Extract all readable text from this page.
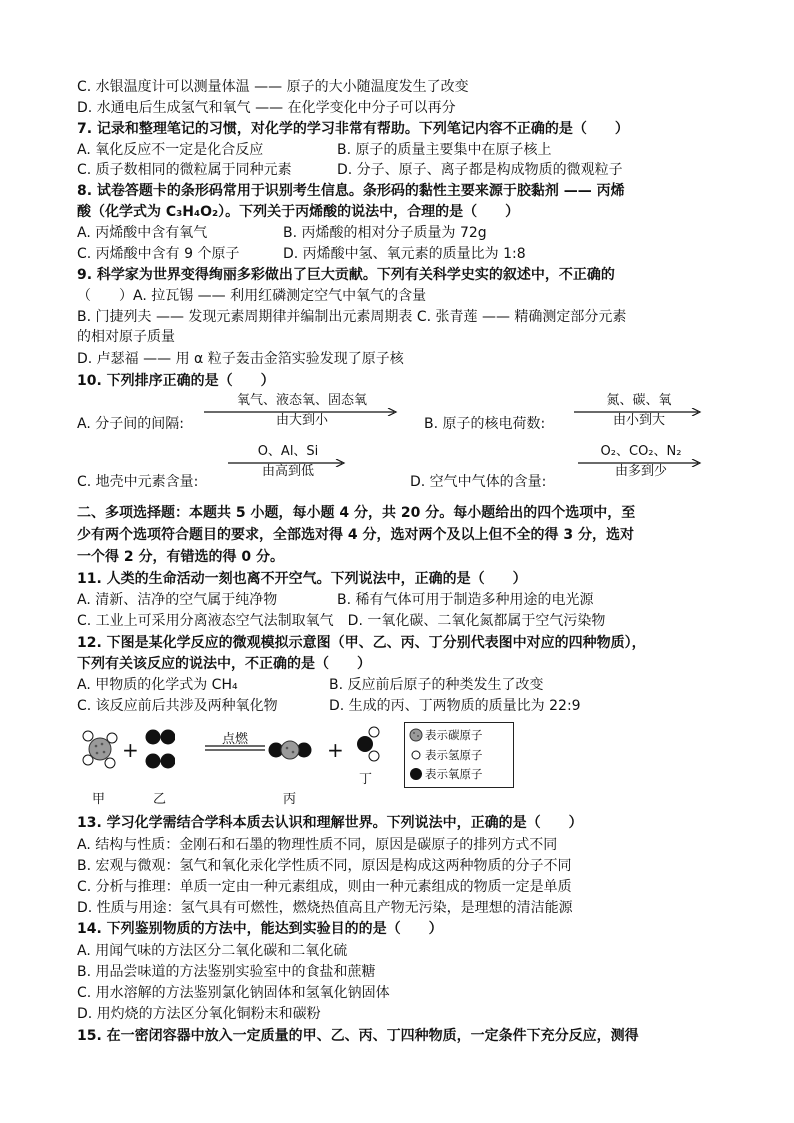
C. 水银温度计可以测量体温 —— 原子的大小随温度发生了改变
D. 水通电后生成氢气和氧气 —— 在化学变化中分子可以再分
7. 记录和整理笔记的习惯，对化学的学习非常有帮助。下列笔记内容不正确的是（　　）
A. 氧化反应不一定是化合反应	B. 原子的质量主要集中在原子核上
C. 质子数相同的微粒属于同种元素	D. 分子、原子、离子都是构成物质的微观粒子
8. 试卷答题卡的条形码常用于识别考生信息。条形码的黏性主要来源于胶黏剂 —— 丙烯
酸（化学式为 C₃H₄O₂）。下列关于丙烯酸的说法中，合理的是（　　）
A. 丙烯酸中含有氧气	B. 丙烯酸的相对分子质量为 72g
C. 丙烯酸中含有 9 个原子	D. 丙烯酸中氢、氧元素的质量比为 1:8
9. 科学家为世界变得绚丽多彩做出了巨大贡献。下列有关科学史实的叙述中，不正确的
（　　）A. 拉瓦锡 —— 利用红磷测定空气中氧气的含量
B. 门捷列夫 —— 发现元素周期律并编制出元素周期表 C. 张青莲 —— 精确测定部分元素
的相对原子质量
D. 卢瑟福 —— 用 α 粒子轰击金箔实验发现了原子核
10. 下列排序正确的是（　　）
A. 分子间的间隔:
氧气、液态氧、固态氧
由大到小	B. 原子的核电荷数:
氮、碳、氧
由小到大
C. 地壳中元素含量:
O、Al、Si
由高到低
D. 空气中气体的含量:
O₂、CO₂、N₂
由多到少
二、多项选择题：本题共 5 小题，每小题 4 分，共 20 分。每小题给出的四个选项中，至
少有两个选项符合题目的要求，全部选对得 4 分，选对两个及以上但不全的得 3 分，选对
一个得 2 分，有错选的得 0 分。
11. 人类的生命活动一刻也离不开空气。下列说法中，正确的是（　　）
A. 清新、洁净的空气属于纯净物	B. 稀有气体可用于制造多种用途的电光源
C. 工业上可采用分离液态空气法制取氧气　D. 一氧化碳、二氧化氮都属于空气污染物
12. 下图是某化学反应的微观模拟示意图（甲、乙、丙、丁分别代表图中对应的四种物质），
下列有关该反应的说法中，不正确的是（　　）
A. 甲物质的化学式为 CH₄	B. 反应前后原子的种类发生了改变
C. 该反应前后共涉及两种氧化物	D. 生成的丙、丁两物质的质量比为 22:9
甲
+
乙
点燃
丙
+
丁
表示碳原子
表示氢原子
表示氧原子
13. 学习化学需结合学科本质去认识和理解世界。下列说法中，正确的是（　　）
A. 结构与性质：金刚石和石墨的物理性质不同，原因是碳原子的排列方式不同
B. 宏观与微观：氢气和氧化汞化学性质不同，原因是构成这两种物质的分子不同
C. 分析与推理：单质一定由一种元素组成，则由一种元素组成的物质一定是单质
D. 性质与用途：氢气具有可燃性，燃烧热值高且产物无污染，是理想的清洁能源
14. 下列鉴别物质的方法中，能达到实验目的的是（　　）
A. 用闻气味的方法区分二氧化碳和二氧化硫
B. 用品尝味道的方法鉴别实验室中的食盐和蔗糖
C. 用水溶解的方法鉴别氯化钠固体和氢氧化钠固体
D. 用灼烧的方法区分氧化铜粉末和碳粉
15. 在一密闭容器中放入一定质量的甲、乙、丙、丁四种物质，一定条件下充分反应，测得
